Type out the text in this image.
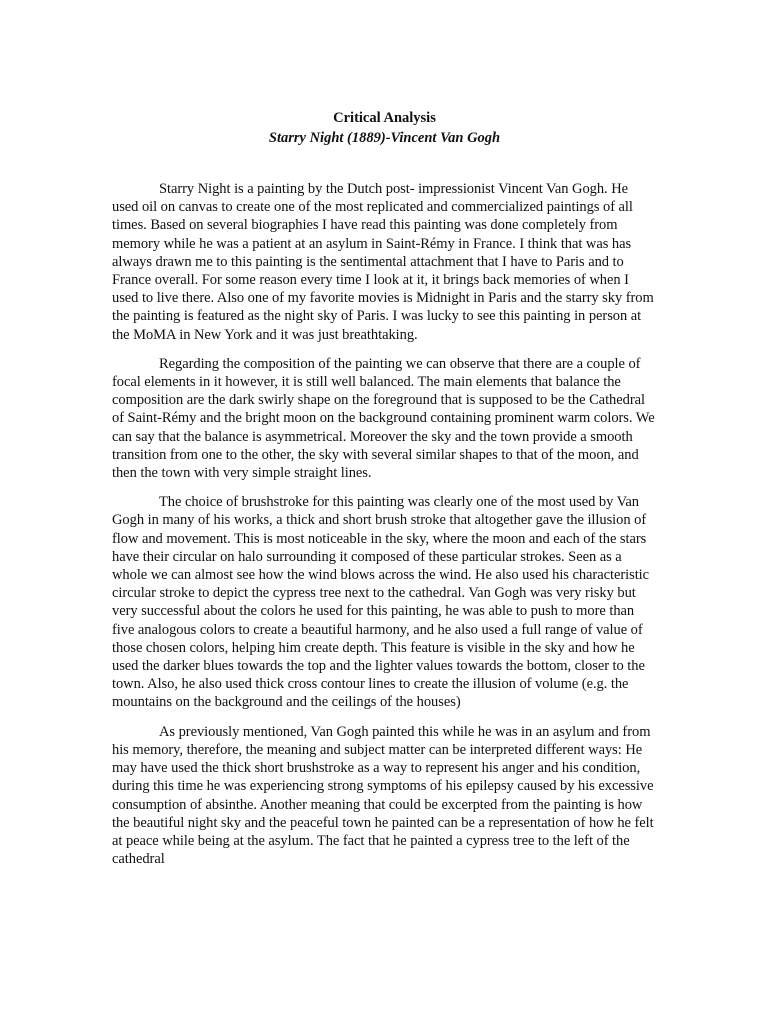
Critical Analysis
Starry Night (1889)-Vincent Van Gogh

Starry Night is a painting by the Dutch post- impressionist Vincent Van Gogh. He used oil on canvas to create one of the most replicated and commercialized paintings of all times. Based on several biographies I have read this painting was done completely from memory while he was a patient at an asylum in Saint-Rémy in France. I think that was has always drawn me to this painting is the sentimental attachment that I have to Paris and to France overall. For some reason every time I look at it, it brings back memories of when I used to live there. Also one of my favorite movies is Midnight in Paris and the starry sky from the painting is featured as the night sky of Paris. I was lucky to see this painting in person at the MoMA in New York and it was just breathtaking.

Regarding the composition of the painting we can observe that there are a couple of focal elements in it however, it is still well balanced. The main elements that balance the composition are the dark swirly shape on the foreground that is supposed to be the Cathedral of Saint-Rémy and the bright moon on the background containing prominent warm colors. We can say that the balance is asymmetrical. Moreover the sky and the town provide a smooth transition from one to the other, the sky with several similar shapes to that of the moon, and then the town with very simple straight lines.

The choice of brushstroke for this painting was clearly one of the most used by Van Gogh in many of his works, a thick and short brush stroke that altogether gave the illusion of flow and movement. This is most noticeable in the sky, where the moon and each of the stars have their circular on halo surrounding it composed of these particular strokes. Seen as a whole we can almost see how the wind blows across the wind. He also used his characteristic circular stroke to depict the cypress tree next to the cathedral. Van Gogh was very risky but very successful about the colors he used for this painting, he was able to push to more than five analogous colors to create a beautiful harmony, and he also used a full range of value of those chosen colors, helping him create depth. This feature is visible in the sky and how he used the darker blues towards the top and the lighter values towards the bottom, closer to the town. Also, he also used thick cross contour lines to create the illusion of volume (e.g. the mountains on the background and the ceilings of the houses)

As previously mentioned, Van Gogh painted this while he was in an asylum and from his memory, therefore, the meaning and subject matter can be interpreted different ways: He may have used the thick short brushstroke as a way to represent his anger and his condition, during this time he was experiencing strong symptoms of his epilepsy caused by his excessive consumption of absinthe. Another meaning that could be excerpted from the painting is how the beautiful night sky and the peaceful town he painted can be a representation of how he felt at peace while being at the asylum. The fact that he painted a cypress tree to the left of the cathedral
